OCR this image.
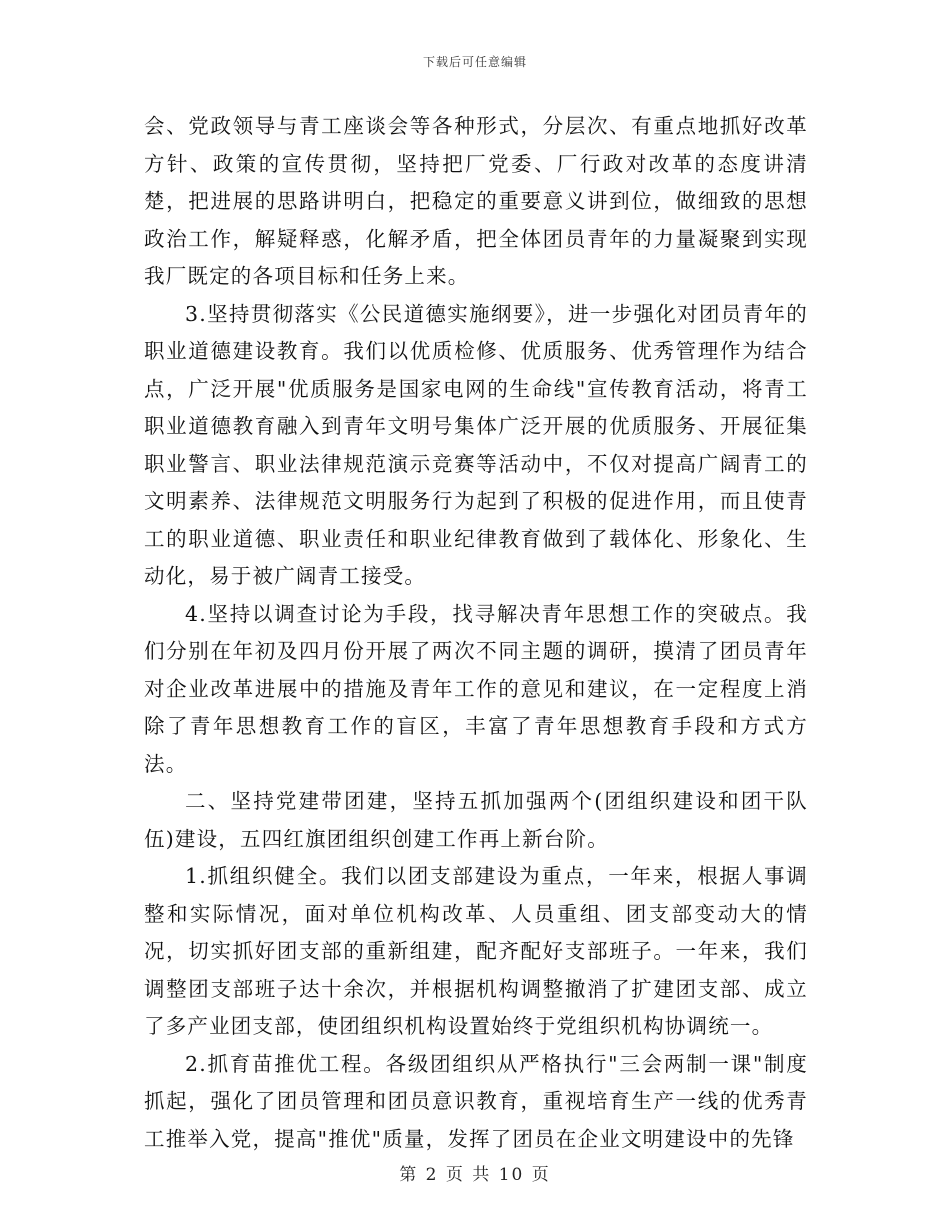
下载后可任意编辑

会、党政领导与青工座谈会等各种形式，分层次、有重点地抓好改革方针、政策的宣传贯彻，坚持把厂党委、厂行政对改革的态度讲清楚，把进展的思路讲明白，把稳定的重要意义讲到位，做细致的思想政治工作，解疑释惑，化解矛盾，把全体团员青年的力量凝聚到实现我厂既定的各项目标和任务上来。

3.坚持贯彻落实《公民道德实施纲要》，进一步强化对团员青年的职业道德建设教育。我们以优质检修、优质服务、优秀管理作为结合点，广泛开展"优质服务是国家电网的生命线"宣传教育活动，将青工职业道德教育融入到青年文明号集体广泛开展的优质服务、开展征集职业警言、职业法律规范演示竞赛等活动中，不仅对提高广阔青工的文明素养、法律规范文明服务行为起到了积极的促进作用，而且使青工的职业道德、职业责任和职业纪律教育做到了载体化、形象化、生动化，易于被广阔青工接受。

4.坚持以调查讨论为手段，找寻解决青年思想工作的突破点。我们分别在年初及四月份开展了两次不同主题的调研，摸清了团员青年对企业改革进展中的措施及青年工作的意见和建议，在一定程度上消除了青年思想教育工作的盲区，丰富了青年思想教育手段和方式方法。

二、坚持党建带团建，坚持五抓加强两个(团组织建设和团干队伍)建设，五四红旗团组织创建工作再上新台阶。

1.抓组织健全。我们以团支部建设为重点，一年来，根据人事调整和实际情况，面对单位机构改革、人员重组、团支部变动大的情况，切实抓好团支部的重新组建，配齐配好支部班子。一年来，我们调整团支部班子达十余次，并根据机构调整撤消了扩建团支部、成立了多产业团支部，使团组织机构设置始终于党组织机构协调统一。

2.抓育苗推优工程。各级团组织从严格执行"三会两制一课"制度抓起，强化了团员管理和团员意识教育，重视培育生产一线的优秀青工推举入党，提高"推优"质量，发挥了团员在企业文明建设中的先锋

第 2 页 共 10 页
